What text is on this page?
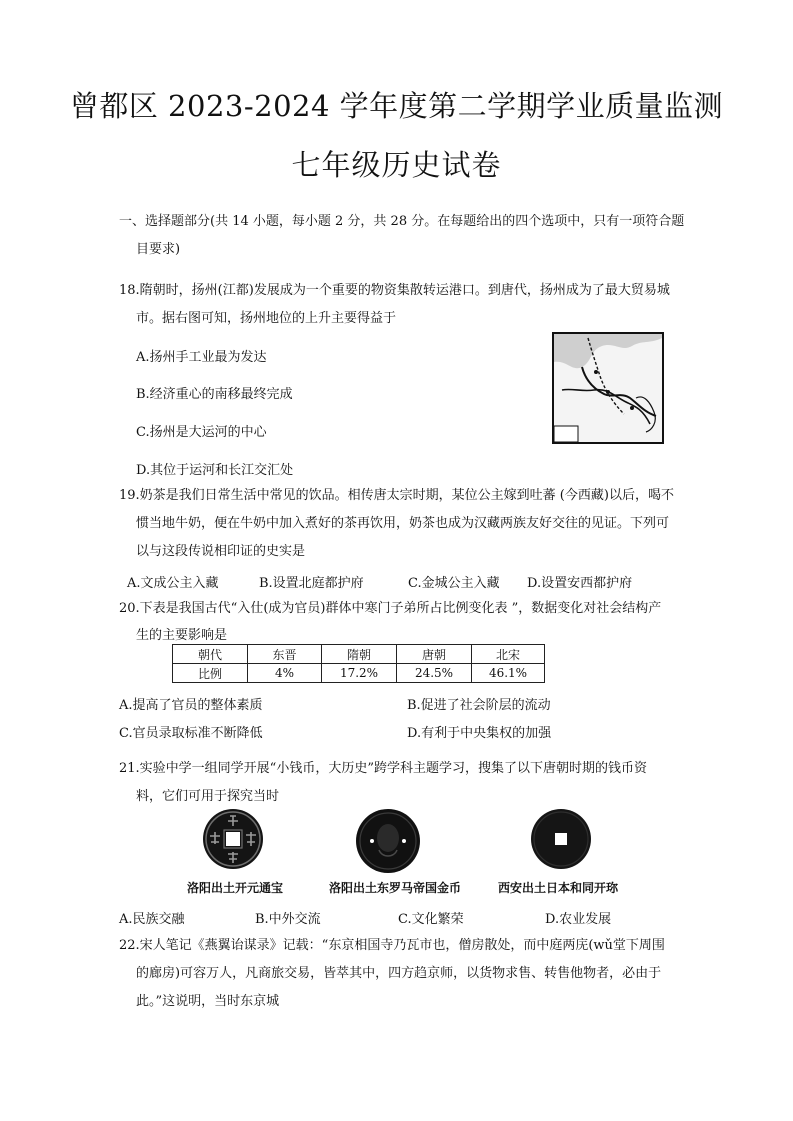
曾都区 2023-2024 学年度第二学期学业质量监测
七年级历史试卷
一、选择题部分(共 14 小题，每小题 2 分，共 28 分。在每题给出的四个选项中，只有一项符合题
目要求)
18.隋朝时，扬州(江都)发展成为一个重要的物资集散转运港口。到唐代，扬州成为了最大贸易城
市。据右图可知，扬州地位的上升主要得益于
A.扬州手工业最为发达
B.经济重心的南移最终完成
C.扬州是大运河的中心
D.其位于运河和长江交汇处
19.奶茶是我们日常生活中常见的饮品。相传唐太宗时期，某位公主嫁到吐蕃 (今西藏)以后，喝不
惯当地牛奶，便在牛奶中加入煮好的茶再饮用，奶茶也成为汉藏两族友好交往的见证。下列可
以与这段传说相印证的史实是
A.文成公主入藏	B.设置北庭都护府	C.金城公主入藏 D.设置安西都护府
20.下表是我国古代“入仕(成为官员)群体中寒门子弟所占比例变化表 ”，数据变化对社会结构产
生的主要影响是
朝代	东晋	隋朝	唐朝	北宋
比例	4%	17.2%	24.5%	46.1%
A.提高了官员的整体素质	B.促进了社会阶层的流动
C.官员录取标准不断降低	D.有利于中央集权的加强
21.实验中学一组同学开展“小钱币，大历史”跨学科主题学习，搜集了以下唐朝时期的钱币资
料，它们可用于探究当时
洛阳出土开元通宝	洛阳出土东罗马帝国金币	西安出土日本和同开珎
A.民族交融	B.中外交流	C.文化繁荣	D.农业发展
22.宋人笔记《燕翼诒谋录》记载：“东京相国寺乃瓦市也，僧房散处，而中庭两庑(wǔ堂下周围
的廊房)可容万人，凡商旅交易，皆萃其中，四方趋京师，以货物求售、转售他物者，必由于
此。”这说明，当时东京城
